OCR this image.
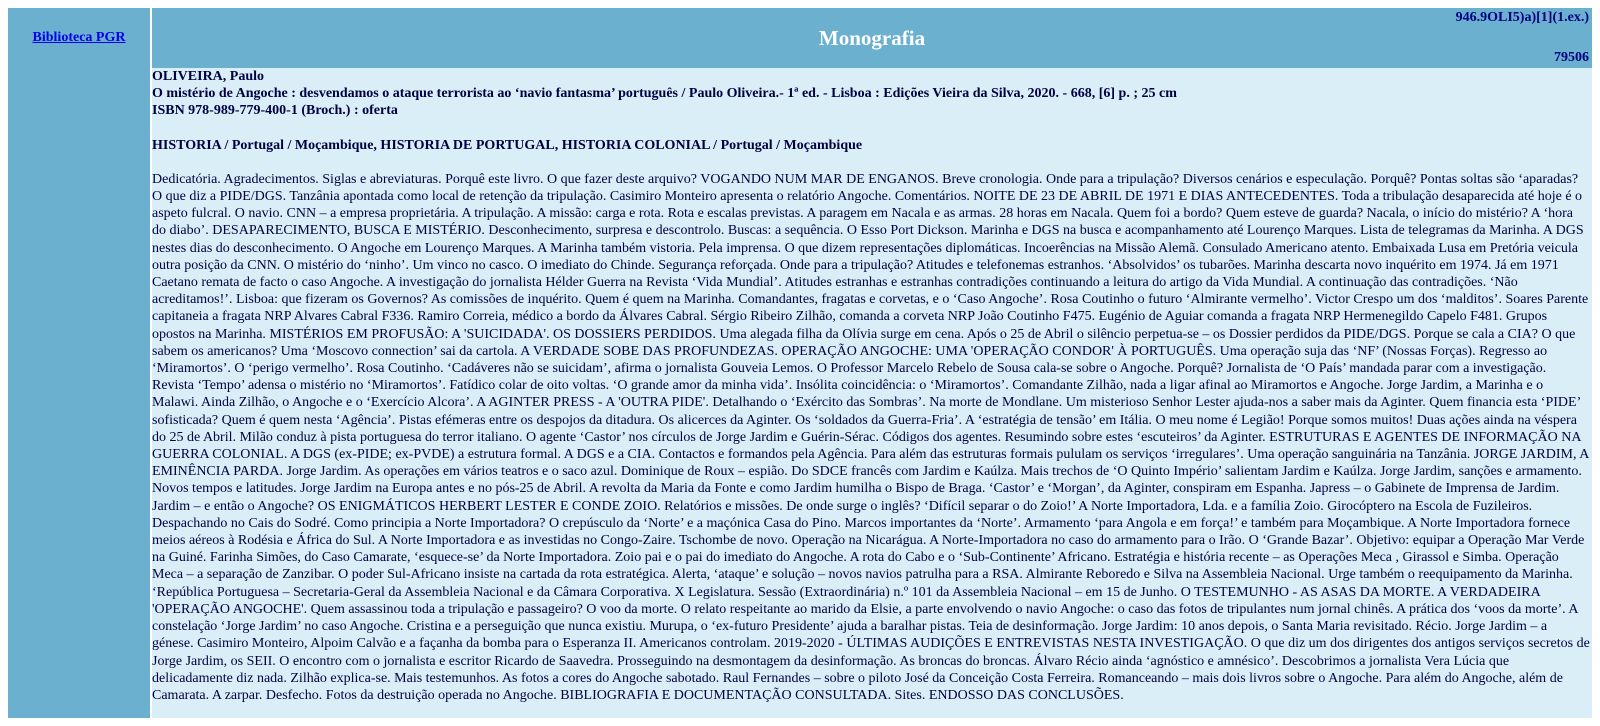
Biblioteca PGR
946.9OLI5)a)[1](1.ex.)
Monografia
79506
OLIVEIRA, Paulo
O mistério de Angoche : desvendamos o ataque terrorista ao ‘navio fantasma’ português / Paulo Oliveira.- 1ª ed. - Lisboa : Edições Vieira da Silva, 2020. - 668, [6] p. ; 25 cm
ISBN 978-989-779-400-1 (Broch.) : oferta
HISTORIA / Portugal / Moçambique, HISTORIA DE PORTUGAL, HISTORIA COLONIAL / Portugal / Moçambique
Dedicatória. Agradecimentos. Siglas e abreviaturas. Porquê este livro. O que fazer deste arquivo? VOGANDO NUM MAR DE ENGANOS. Breve cronologia. Onde para a tripulação? Diversos cenários e especulação. Porquê? Pontas soltas são ‘aparadas? O que diz a PIDE/DGS. Tanzânia apontada como local de retenção da tripulação. Casimiro Monteiro apresenta o relatório Angoche. Comentários. NOITE DE 23 DE ABRIL DE 1971 E DIAS ANTECEDENTES. Toda a tribulação desaparecida até hoje é o aspeto fulcral. O navio. CNN – a empresa proprietária. A tripulação. A missão: carga e rota. Rota e escalas previstas. A paragem em Nacala e as armas. 28 horas em Nacala. Quem foi a bordo? Quem esteve de guarda? Nacala, o início do mistério? A ‘hora do diabo’. DESAPARECIMENTO, BUSCA E MISTÉRIO. Desconhecimento, surpresa e descontrolo. Buscas: a sequência. O Esso Port Dickson. Marinha e DGS na busca e acompanhamento até Lourenço Marques. Lista de telegramas da Marinha. A DGS nestes dias do desconhecimento. O Angoche em Lourenço Marques. A Marinha também vistoria. Pela imprensa. O que dizem representações diplomáticas. Incoerências na Missão Alemã. Consulado Americano atento. Embaixada Lusa em Pretória veicula outra posição da CNN. O mistério do ‘ninho’. Um vinco no casco. O imediato do Chinde. Segurança reforçada. Onde para a tripulação? Atitudes e telefonemas estranhos. ‘Absolvidos’ os tubarões. Marinha descarta novo inquérito em 1974. Já em 1971 Caetano remata de facto o caso Angoche. A investigação do jornalista Hélder Guerra na Revista ‘Vida Mundial’. Atitudes estranhas e estranhas contradições continuando a leitura do artigo da Vida Mundial. A continuação das contradições. ‘Não acreditamos!’. Lisboa: que fizeram os Governos? As comissões de inquérito. Quem é quem na Marinha. Comandantes, fragatas e corvetas, e o ‘Caso Angoche’. Rosa Coutinho o futuro ‘Almirante vermelho’. Victor Crespo um dos ‘malditos’. Soares Parente capitaneia a fragata NRP Alvares Cabral F336. Ramiro Correia, médico a bordo da Álvares Cabral. Sérgio Ribeiro Zilhão, comanda a corveta NRP João Coutinho F475. Eugénio de Aguiar comanda a fragata NRP Hermenegildo Capelo F481. Grupos opostos na Marinha. MISTÉRIOS EM PROFUSÃO: A 'SUICIDADA'. OS DOSSIERS PERDIDOS. Uma alegada filha da Olívia surge em cena. Após o 25 de Abril o silêncio perpetua-se – os Dossier perdidos da PIDE/DGS. Porque se cala a CIA? O que sabem os americanos? Uma ‘Moscovo connection’ sai da cartola. A VERDADE SOBE DAS PROFUNDEZAS. OPERAÇÃO ANGOCHE: UMA 'OPERAÇÃO CONDOR' À PORTUGUÊS. Uma operação suja das ‘NF’ (Nossas Forças). Regresso ao ‘Miramortos’. O ‘perigo vermelho’. Rosa Coutinho. ‘Cadáveres não se suicidam’, afirma o jornalista Gouveia Lemos. O Professor Marcelo Rebelo de Sousa cala-se sobre o Angoche. Porquê? Jornalista de ‘O País’ mandada parar com a investigação. Revista ‘Tempo’ adensa o mistério no ‘Miramortos’. Fatídico colar de oito voltas. ‘O grande amor da minha vida’. Insólita coincidência: o ‘Miramortos’. Comandante Zilhão, nada a ligar afinal ao Miramortos e Angoche. Jorge Jardim, a Marinha e o Malawi. Ainda Zilhão, o Angoche e o ‘Exercício Alcora’. A AGINTER PRESS - A 'OUTRA PIDE'. Detalhando o ‘Exército das Sombras’. Na morte de Mondlane. Um misterioso Senhor Lester ajuda-nos a saber mais da Aginter. Quem financia esta ‘PIDE’ sofisticada? Quem é quem nesta ‘Agência’. Pistas efémeras entre os despojos da ditadura. Os alicerces da Aginter. Os ‘soldados da Guerra-Fria’. A ‘estratégia de tensão’ em Itália. O meu nome é Legião! Porque somos muitos! Duas ações ainda na véspera do 25 de Abril. Milão conduz à pista portuguesa do terror italiano. O agente ‘Castor’ nos círculos de Jorge Jardim e Guérin-Sérac. Códigos dos agentes. Resumindo sobre estes ‘escuteiros’ da Aginter. ESTRUTURAS E AGENTES DE INFORMAÇÃO NA GUERRA COLONIAL. A DGS (ex-PIDE; ex-PVDE) a estrutura formal. A DGS e a CIA. Contactos e formandos pela Agência. Para além das estruturas formais pululam os serviços ‘irregulares’. Uma operação sanguinária na Tanzânia. JORGE JARDIM, A EMINÊNCIA PARDA. Jorge Jardim. As operações em vários teatros e o saco azul. Dominique de Roux – espião. Do SDCE francês com Jardim e Kaúlza. Mais trechos de ‘O Quinto Império’ salientam Jardim e Kaúlza. Jorge Jardim, sanções e armamento. Novos tempos e latitudes. Jorge Jardim na Europa antes e no pós-25 de Abril. A revolta da Maria da Fonte e como Jardim humilha o Bispo de Braga. ‘Castor’ e ‘Morgan’, da Aginter, conspiram em Espanha. Japress – o Gabinete de Imprensa de Jardim. Jardim – e então o Angoche? OS ENIGMÁTICOS HERBERT LESTER E CONDE ZOIO. Relatórios e missões. De onde surge o inglês? ‘Difícil separar o do Zoio!’ A Norte Importadora, Lda. e a família Zoio. Girocóptero na Escola de Fuzileiros. Despachando no Cais do Sodré. Como principia a Norte Importadora? O crepúsculo da ‘Norte’ e a maçónica Casa do Pino. Marcos importantes da ‘Norte’. Armamento ‘para Angola e em força!’ e também para Moçambique. A Norte Importadora fornece meios aéreos à Rodésia e África do Sul. A Norte Importadora e as investidas no Congo-Zaire. Tschombe de novo. Operação na Nicarágua. A Norte-Importadora no caso do armamento para o Irão. O ‘Grande Bazar’. Objetivo: equipar a Operação Mar Verde na Guiné. Farinha Simões, do Caso Camarate, ‘esquece-se’ da Norte Importadora. Zoio pai e o pai do imediato do Angoche. A rota do Cabo e o ‘Sub-Continente’ Africano. Estratégia e história recente – as Operações Meca , Girassol e Simba. Operação Meca – a separação de Zanzibar. O poder Sul-Africano insiste na cartada da rota estratégica. Alerta, ‘ataque’ e solução – novos navios patrulha para a RSA. Almirante Reboredo e Silva na Assembleia Nacional. Urge também o reequipamento da Marinha. ‘República Portuguesa – Secretaria-Geral da Assembleia Nacional e da Câmara Corporativa. X Legislatura. Sessão (Extraordinária) n.º 101 da Assembleia Nacional – em 15 de Junho. O TESTEMUNHO - AS ASAS DA MORTE. A VERDADEIRA 'OPERAÇÃO ANGOCHE'. Quem assassinou toda a tripulação e passageiro? O voo da morte. O relato respeitante ao marido da Elsie, a parte envolvendo o navio Angoche: o caso das fotos de tripulantes num jornal chinês. A prática dos ‘voos da morte’. A constelação ‘Jorge Jardim’ no caso Angoche. Cristina e a perseguição que nunca existiu. Murupa, o ‘ex-futuro Presidente’ ajuda a baralhar pistas. Teia de desinformação. Jorge Jardim: 10 anos depois, o Santa Maria revisitado. Récio. Jorge Jardim – a génese. Casimiro Monteiro, Alpoim Calvão e a façanha da bomba para o Esperanza II. Americanos controlam. 2019-2020 - ÚLTIMAS AUDIÇÕES E ENTREVISTAS NESTA INVESTIGAÇÃO. O que diz um dos dirigentes dos antigos serviços secretos de Jorge Jardim, os SEII. O encontro com o jornalista e escritor Ricardo de Saavedra. Prosseguindo na desmontagem da desinformação. As broncas do broncas. Álvaro Récio ainda ‘agnóstico e amnésico’. Descobrimos a jornalista Vera Lúcia que delicadamente diz nada. Zilhão explica-se. Mais testemunhos. As fotos a cores do Angoche sabotado. Raul Fernandes – sobre o piloto José da Conceição Costa Ferreira. Romanceando – mais dois livros sobre o Angoche. Para além do Angoche, além de Camarata. A zarpar. Desfecho. Fotos da destruição operada no Angoche. BIBLIOGRAFIA E DOCUMENTAÇÃO CONSULTADA. Sites. ENDOSSO DAS CONCLUSÕES.
